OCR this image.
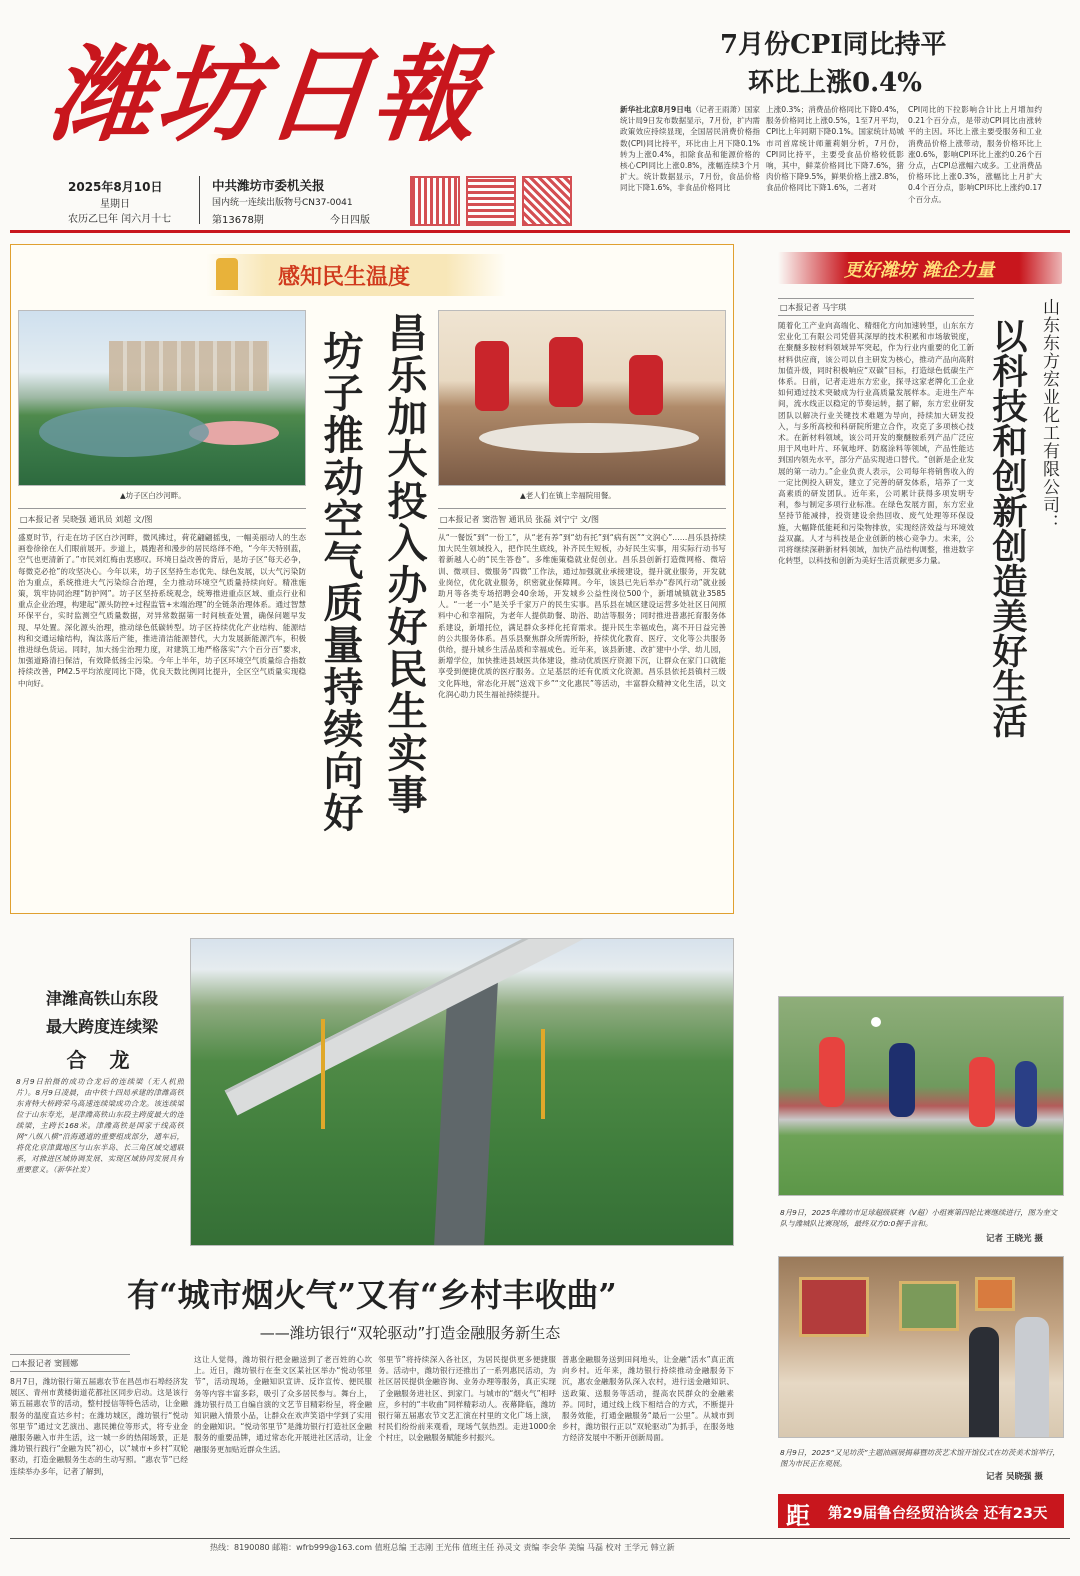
潍坊日報
2025年8月10日
星期日
农历乙巳年 闰六月十七
中共潍坊市委机关报
国内统一连续出版物号CN37-0041
第13678期	今日四版
7月份CPI同比持平
环比上涨0.4%
新华社北京8月9日电（记者王雨萧）国家统计局9日发布数据显示，7月份，扩内需政策效应持续显现，全国居民消费价格指数(CPI)同比持平，环比由上月下降0.1%转为上涨0.4%，扣除食品和能源价格的核心CPI同比上涨0.8%，涨幅连续3个月扩大。统计数据显示，7月份，食品价格同比下降1.6%，非食品价格同比
上涨0.3%；消费品价格同比下降0.4%，服务价格同比上涨0.5%，1至7月平均，CPI比上年同期下降0.1%。国家统计局城市司首席统计师董莉娟分析，7月份，CPI同比持平，主要受食品价格较低影响，其中，鲜菜价格同比下降7.6%，猪肉价格下降9.5%，鲜果价格上涨2.8%，食品价格同比下降1.6%，二者对
CPI同比的下拉影响合计比上月增加约0.21个百分点，是带动CPI同比由涨转平的主因。环比上涨主要受服务和工业消费品价格上涨带动，服务价格环比上涨0.6%，影响CPI环比上涨约0.26个百分点，占CPI总涨幅六成多。工业消费品价格环比上涨0.3%，涨幅比上月扩大0.4个百分点，影响CPI环比上涨约0.17个百分点。
感知民生温度
▲坊子区白沙河畔。
□本报记者 吴晓强 通讯员 刘超 文/图
盛夏时节，行走在坊子区白沙河畔，微风拂过，荷花翩翩摇曳，一幅美丽动人的生态画卷徐徐在人们眼前展开。步道上，晨跑者和漫步的居民络绎不绝，“今年天特别蓝，空气也更清新了。”市民刘红梅由衷感叹。环境日益改善的背后，是坊子区“每天必争，每微克必抢”的攻坚决心。今年以来，坊子区坚持生态优先、绿色发展，以大气污染防治为重点，系统推进大气污染综合治理，全力推动环境空气质量持续向好。精准施策，筑牢协同治理“防护网”。坊子区坚持系统观念，统筹推进重点区域、重点行业和重点企业治理，构建起“源头防控+过程监管+末端治理”的全链条治理体系。通过智慧环保平台，实时监测空气质量数据，对异常数据第一时间核查处置，确保问题早发现、早处置。深化源头治理，推动绿色低碳转型。坊子区持续优化产业结构、能源结构和交通运输结构，淘汰落后产能，推进清洁能源替代，大力发展新能源汽车，积极推进绿色货运。同时，加大扬尘治理力度，对建筑工地严格落实“六个百分百”要求，加强道路清扫保洁，有效降低扬尘污染。今年上半年，坊子区环境空气质量综合指数持续改善，PM2.5平均浓度同比下降，优良天数比例同比提升，全区空气质量实现稳中向好。	坊子推动空气质量持续向好 昌乐加大投入办好民生实事	▲老人们在镇上幸福院用餐。
□本报记者 窦浩智 通讯员 张磊 刘宁宁 文/图
从“一餐饭”到“一份工”，从“老有养”到“幼有托”到“病有医”“文润心”……昌乐县持续加大民生领域投入，把作民生底线，补齐民生短板，办好民生实事，用实际行动书写着新越人心的“民生答卷”。多维施策稳就业促创业。昌乐县创新打造微网格、微培训、微项目、微服务“四微”工作法，通过加强就业承接建设，提升就业服务，开发就业岗位，优化就业服务，织密就业保障网。今年，该县已先后举办“春风行动”就业援助月等各类专场招聘会40余场，开发城乡公益性岗位500个，新增城镇就业3585人。“一老一小”是关乎千家万户的民生实事。昌乐县在城区建设运营多处社区日间照料中心和幸福院，为老年人提供助餐、助浴、助洁等服务；同时推进普惠托育服务体系建设，新增托位，满足群众多样化托育需求。提升民生幸福成色，离不开日益完善的公共服务体系。昌乐县聚焦群众所需所盼，持续优化教育、医疗、文化等公共服务供给，提升城乡生活品质和幸福成色。近年来，该县新建、改扩建中小学、幼儿园，新增学位，加快推进县域医共体建设，推动优质医疗资源下沉，让群众在家门口就能享受到便捷优质的医疗服务。立足基层的还有优质文化资源。昌乐县依托县镇村三级文化阵地，常态化开展“送戏下乡”“文化惠民”等活动，丰富群众精神文化生活，以文化润心助力民生福祉持续提升。
更好潍坊 潍企力量
□本报记者 马宇琪
随着化工产业向高端化、精细化方向加速转型，山东东方宏业化工有限公司凭借其深厚的技术积累和市场敏锐度，在聚醚多胺材料领域异军突起，作为行业内重要的化工新材料供应商，该公司以自主研发为核心，推动产品向高附加值升级，同时积极响应“双碳”目标，打造绿色低碳生产体系。日前，记者走进东方宏业，探寻这家老牌化工企业如何通过技术突破成为行业高质量发展样本。走进生产车间，流水线正以稳定的节奏运转，据了解，东方宏业研发团队以解决行业关键技术难题为导向，持续加大研发投入，与多所高校和科研院所建立合作，攻克了多项核心技术。在新材料领域，该公司开发的聚醚胺系列产品广泛应用于风电叶片、环氧地坪、防腐涂料等领域，产品性能达到国内领先水平，部分产品实现进口替代。“创新是企业发展的第一动力。”企业负责人表示，公司每年将销售收入的一定比例投入研发，建立了完善的研发体系，培养了一支高素质的研发团队。近年来，公司累计获得多项发明专利，参与制定多项行业标准。在绿色发展方面，东方宏业坚持节能减排，投资建设余热回收、废气处理等环保设施，大幅降低能耗和污染物排放，实现经济效益与环境效益双赢。人才与科技是企业创新的核心竞争力。未来，公司将继续深耕新材料领域，加快产品结构调整，推进数字化转型，以科技和创新为美好生活贡献更多力量。
山东东方宏业化工有限公司：
以科技和创新创造美好生活
津潍高铁山东段
最大跨度连续梁
合 龙
8月9日拍摄的成功合龙后的连续梁（无人机照片）。8月9日凌晨，由中铁十四局承建的津潍高铁东青特大桥跨荣乌高速连续梁成功合龙。该连续梁位于山东寿光，是津潍高铁山东段主跨度最大的连续梁，主跨长168米。津潍高铁是国家干线高铁网“八纵八横”沿海通道的重要组成部分，通车后，将优化京津冀地区与山东半岛、长三角区域交通联系，对推进区域协调发展、实现区域协同发展具有重要意义。（新华社发）
8月9日，2025年潍坊市足球超级联赛（V超）小组赛第四轮比赛继续进行，图为奎文队与潍城队比赛现场，最终双方0:0握手言和。
记者 王晓光 摄
8月9日，2025“又见坊茨”主题油画展揭幕暨坊茨艺术馆开馆仪式在坊茨美术馆举行，图为市民正在观展。
记者 吴晓强 摄
距 第29届鲁台经贸洽谈会 还有23天
有“城市烟火气”又有“乡村丰收曲”
——潍坊银行“双轮驱动”打造金融服务新生态
□本报记者 窦圆娜
8月7日，潍坊银行第五届惠农节在昌邑市石埠经济发展区、青州市黄楼街道花都社区同步启动。这是该行第五届惠农节的活动，整村授信等特色活动，让金融服务的温度直达乡村；在潍坊城区，潍坊银行“悦动邻里节”通过文艺演出、惠民摊位等形式，将专业金融服务融入市井生活，这一城一乡的热闹场景，正是潍坊银行践行“金融为民”初心，以“城市+乡村”双轮驱动，打造金融服务生态的生动写照。“惠农节”已经连续举办多年，记者了解到，
这让人觉得，潍坊银行把金融送到了老百姓的心坎上。近日，潍坊银行在奎文区某社区举办“悦动邻里节”，活动现场，金融知识宣讲、反诈宣传、便民服务等内容丰富多彩，吸引了众多居民参与。舞台上，潍坊银行员工自编自演的文艺节目精彩纷呈，将金融知识融入情景小品，让群众在欢声笑语中学到了实用的金融知识。“悦动邻里节”是潍坊银行打造社区金融服务的重要品牌，通过常态化开展进社区活动，让金融服务更加贴近群众生活。
邻里节”将持续深入各社区，为居民提供更多便捷服务。活动中，潍坊银行还推出了一系列惠民活动，为社区居民提供金融咨询、业务办理等服务，真正实现了金融服务进社区、到家门。与城市的“烟火气”相呼应，乡村的“丰收曲”同样精彩动人。夜幕降临，潍坊银行第五届惠农节文艺汇演在村里的文化广场上演，村民们纷纷前来观看，现场气氛热烈。走进1000余个村庄，以金融服务赋能乡村振兴。
普惠金融服务送到田间地头，让金融“活水”真正流向乡村。近年来，潍坊银行持续推动金融服务下沉，惠农金融服务队深入农村，进行送金融知识、送政策、送服务等活动，提高农民群众的金融素养。同时，通过线上线下相结合的方式，不断提升服务效能，打通金融服务“最后一公里”。从城市到乡村，潍坊银行正以“双轮驱动”为抓手，在服务地方经济发展中不断开创新局面。
热线：8190080 邮箱：wfrb999@163.com 值班总编 王志刚 王光伟 值班主任 孙灵文 责编 李会华 美编 马磊 校对 王学元 韩立新
